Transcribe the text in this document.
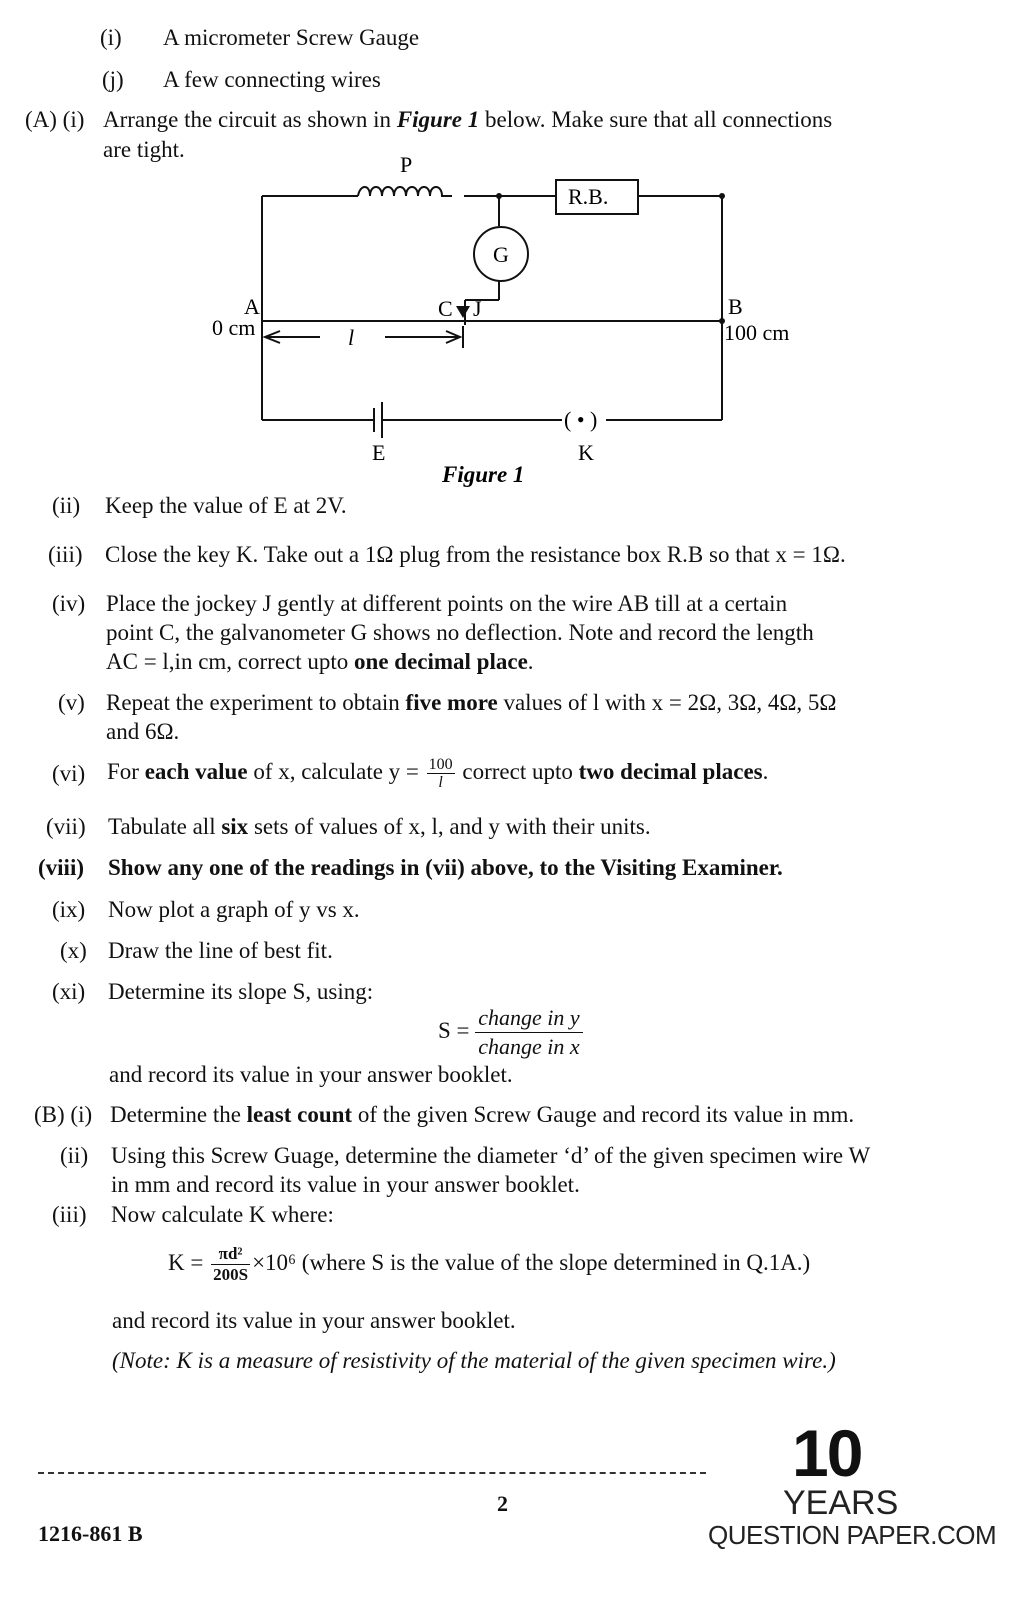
(i) A micrometer Screw Gauge
(j) A few connecting wires
(A) (i) Arrange the circuit as shown in Figure 1 below. Make sure that all connections
are tight.
P
R.B.
G
A
0 cm	l
C J	B
100 cm
( • )
E	K
Figure 1
(ii) Keep the value of E at 2V.
(iii) Close the key K. Take out a 1Ω plug from the resistance box R.B so that x = 1Ω.
(iv) Place the jockey J gently at different points on the wire AB till at a certain
point C, the galvanometer G shows no deflection. Note and record the length
AC = l,in cm, correct upto one decimal place.
(v) Repeat the experiment to obtain five more values of l with x = 2Ω, 3Ω, 4Ω, 5Ω
and 6Ω.
(vi) For each value of x, calculate $y = \frac{100}{l}$ correct upto two decimal places.
(vii) Tabulate all six sets of values of x, l, and y with their units.
(viii) Show any one of the readings in (vii) above, to the Visiting Examiner.
(ix) Now plot a graph of y vs x.
(x) Draw the line of best fit.
(xi) Determine its slope S, using:
S =
change in y
change in x
and record its value in your answer booklet.
(B) (i) Determine the least count of the given Screw Gauge and record its value in mm.
(ii) Using this Screw Guage, determine the diameter ‘d’ of the given specimen wire W
in mm and record its value in your answer booklet.
(iii) Now calculate K where:
$K = \frac{\text{πd²}}{200S} \times 10^6$ (where S is the value of the slope determined in Q.1A.)
and record its value in your answer booklet.
(Note: K is a measure of resistivity of the material of the given specimen wire.)
2
1216-861 B
10
YEARS
QUESTION PAPER.COM
